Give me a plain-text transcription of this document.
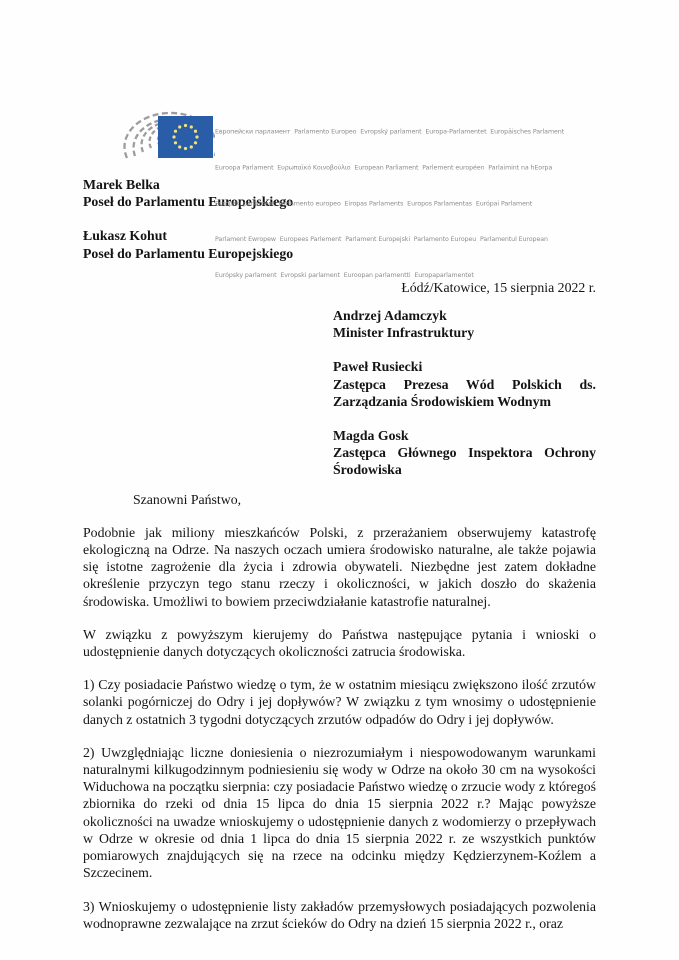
Европейски парламент  Parlamento Europeo  Evropský parlament  Europa-Parlamentet  Europäisches Parlament

Euroopa Parlament  Ευρωπαϊκό Κοινοβούλιο  European Parliament  Parlement européen  Parlaimint na hEorpa

Europski parlament  Parlamento europeo  Eiropas Parlaments  Europos Parlamentas  Európai Parlament

Parlament Ewropew  Europees Parlement  Parlament Europejski  Parlamento Europeu  Parlamentul European

Európsky parlament  Evropski parlament  Euroopan parlamentti  Europaparlamentet

Marek Belka
Poseł do Parlamentu Europejskiego
Łukasz Kohut
Poseł do Parlamentu Europejskiego
Łódź/Katowice, 15 sierpnia 2022 r.
Andrzej Adamczyk
Minister Infrastruktury
Paweł Rusiecki
Zastępca Prezesa Wód Polskich ds. Zarządzania Środowiskiem Wodnym
Magda Gosk
Zastępca Głównego Inspektora Ochrony Środowiska
Szanowni Państwo,

Podobnie jak miliony mieszkańców Polski, z przerażaniem obserwujemy katastrofę ekologiczną na Odrze. Na naszych oczach umiera środowisko naturalne, ale także pojawia się istotne zagrożenie dla życia i zdrowia obywateli. Niezbędne jest zatem dokładne określenie przyczyn tego stanu rzeczy i okoliczności, w jakich doszło do skażenia środowiska. Umożliwi to bowiem przeciwdziałanie katastrofie naturalnej.

W związku z powyższym kierujemy do Państwa następujące pytania i wnioski o udostępnienie danych dotyczących okoliczności zatrucia środowiska.

1) Czy posiadacie Państwo wiedzę o tym, że w ostatnim miesiącu zwiększono ilość zrzutów solanki pogórniczej do Odry i jej dopływów? W związku z tym wnosimy o udostępnienie danych z ostatnich 3 tygodni dotyczących zrzutów odpadów do Odry i jej dopływów.

2) Uwzględniając liczne doniesienia o niezrozumiałym i niespowodowanym warunkami naturalnymi kilkugodzinnym podniesieniu się wody w Odrze na około 30 cm na wysokości Widuchowa na początku sierpnia: czy posiadacie Państwo wiedzę o zrzucie wody z któregoś zbiornika do rzeki od dnia 15 lipca do dnia 15 sierpnia 2022 r.? Mając powyższe okoliczności na uwadze wnioskujemy o udostępnienie danych z wodomierzy o przepływach w Odrze w okresie od dnia 1 lipca do dnia 15 sierpnia 2022 r. ze wszystkich punktów pomiarowych znajdujących się na rzece na odcinku między Kędzierzynem-Koźlem a Szczecinem.

3) Wnioskujemy o udostępnienie listy zakładów przemysłowych posiadających pozwolenia wodnoprawne zezwalające na zrzut ścieków do Odry na dzień 15 sierpnia 2022 r., oraz
